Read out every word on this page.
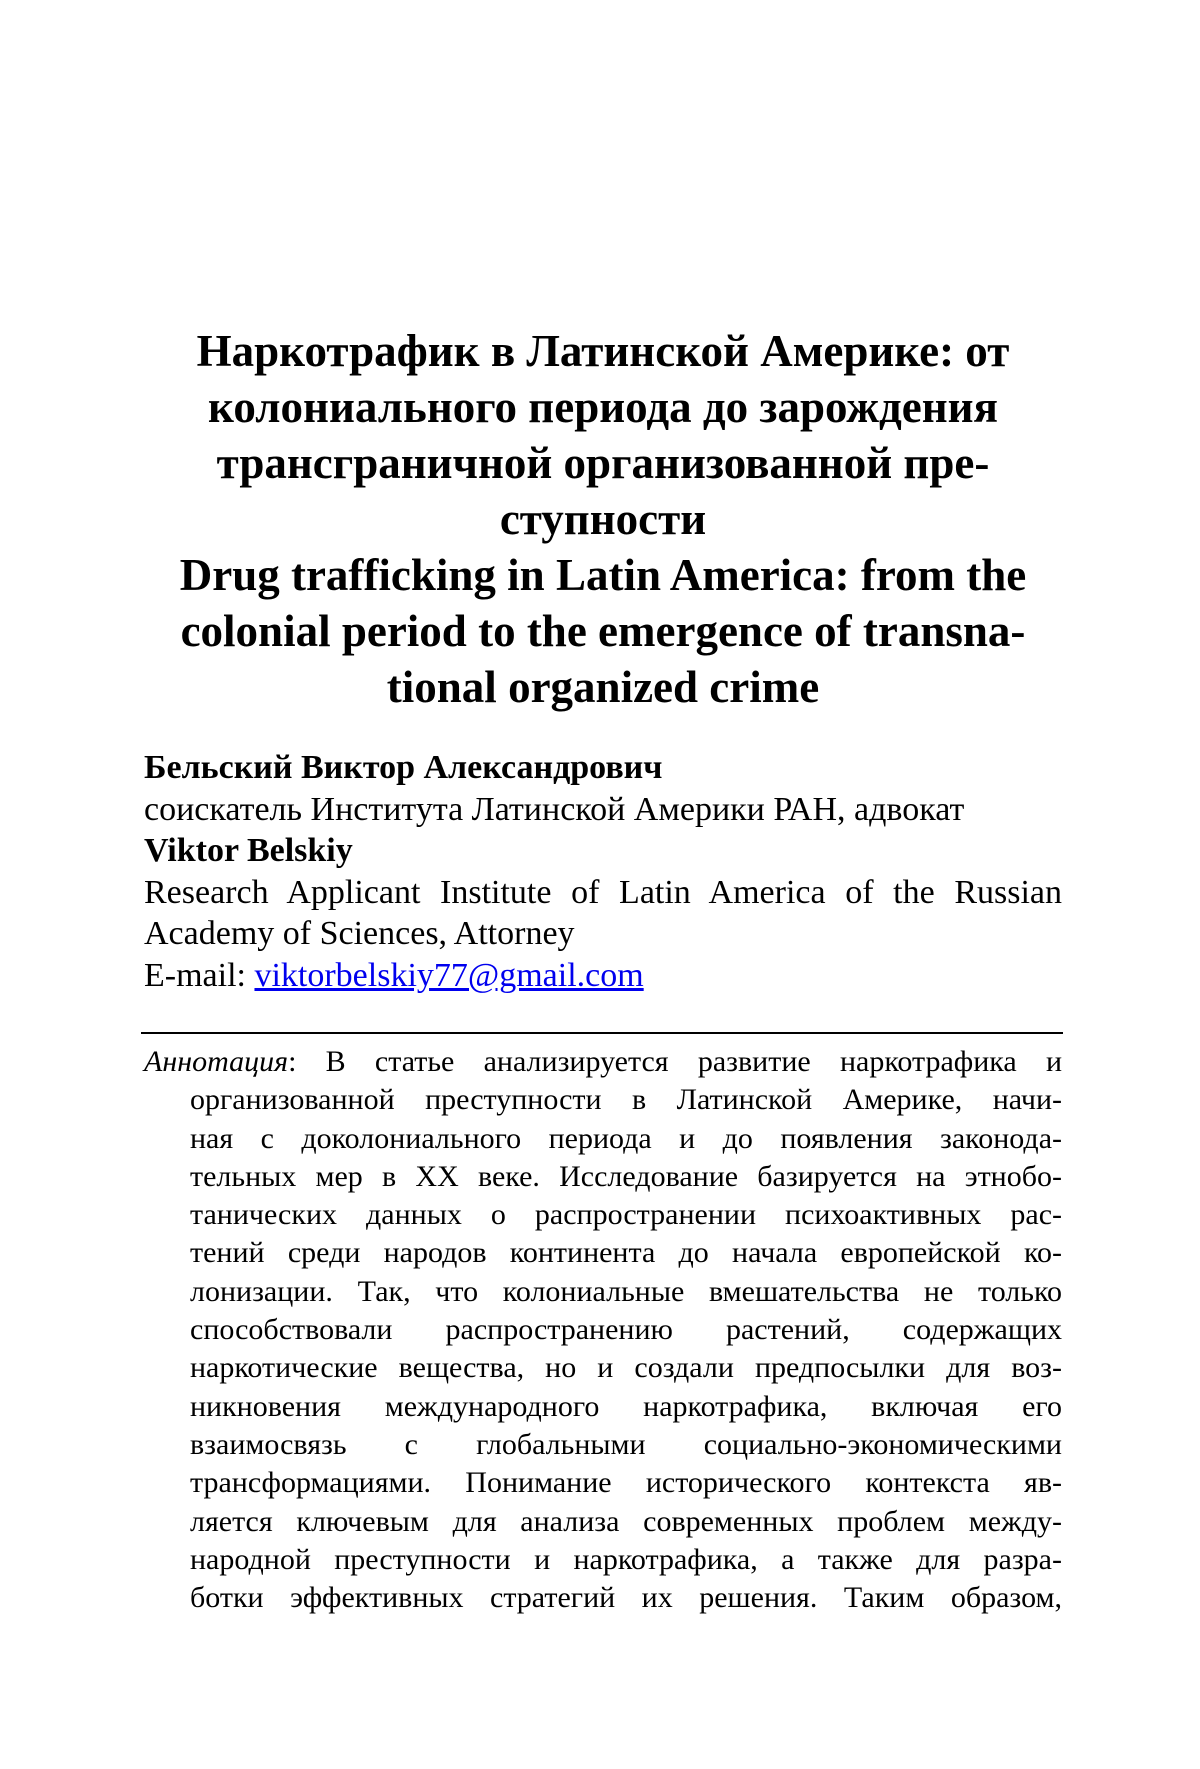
Наркотрафик в Латинской Америке: от
колониального периода до зарождения
трансграничной организованной пре-
ступности
Drug trafficking in Latin America: from the
colonial period to the emergence of transna-
tional organized crime
Бельский Виктор Александрович
соискатель Института Латинской Америки РАН, адвокат
Viktor Belskiy
Research Applicant Institute of Latin America of the Russian
Academy of Sciences, Attorney
E-mail: viktorbelskiy77@gmail.com
Аннотация: В статье анализируется развитие наркотрафика и
организованной преступности в Латинской Америке, начи-
ная с доколониального периода и до появления законода-
тельных мер в XX веке. Исследование базируется на этнобо-
танических данных о распространении психоактивных рас-
тений среди народов континента до начала европейской ко-
лонизации. Так, что колониальные вмешательства не только
способствовали распространению растений, содержащих
наркотические вещества, но и создали предпосылки для воз-
никновения международного наркотрафика, включая его
взаимосвязь с глобальными социально-экономическими
трансформациями. Понимание исторического контекста яв-
ляется ключевым для анализа современных проблем между-
народной преступности и наркотрафика, а также для разра-
ботки эффективных стратегий их решения. Таким образом,
